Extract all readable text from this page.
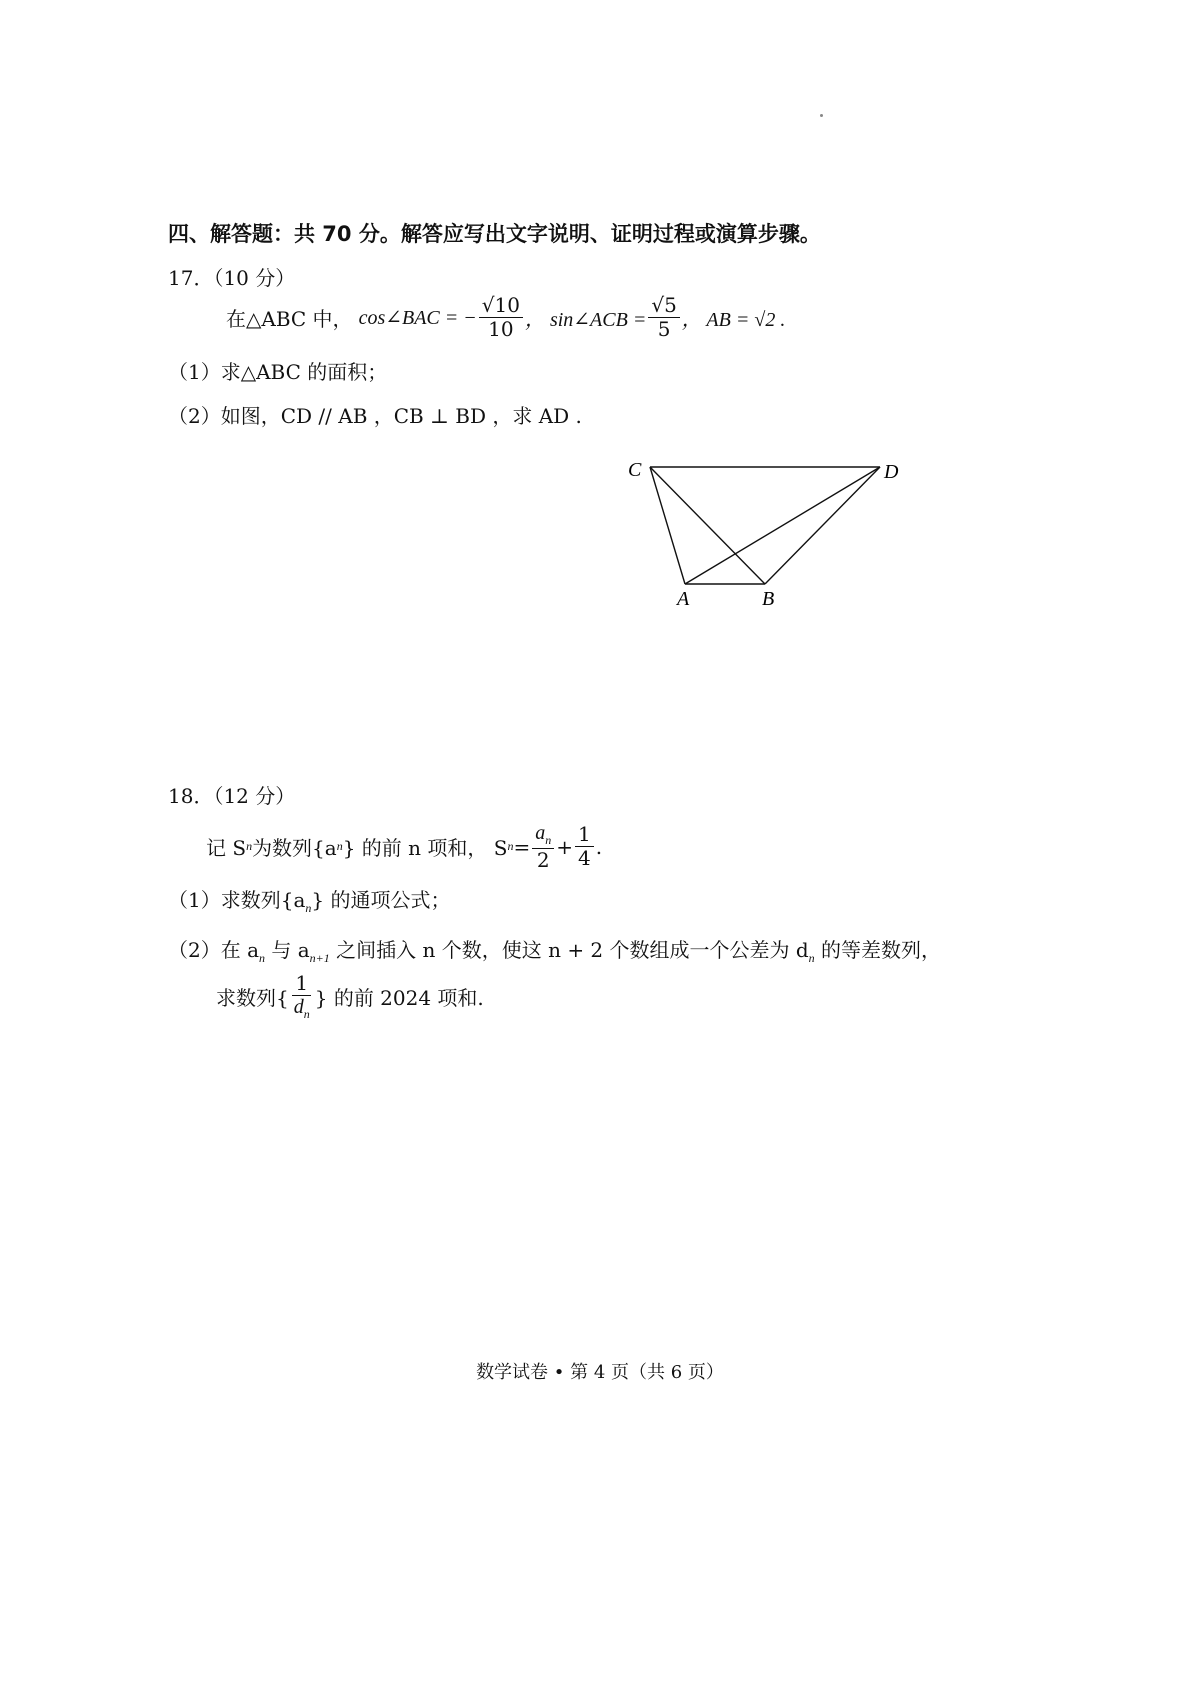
四、解答题：共 70 分。解答应写出文字说明、证明过程或演算步骤。
17．（10 分）
在△ABC 中， cos∠BAC = − $\frac{√10}{10}$ ， sin∠ACB = $\frac{√5}{5}$ ， AB = √2 .
（1）求△ABC 的面积；
（2）如图，CD // AB ，CB ⊥ BD ，求 AD .
C	D
A	B
18．（12 分）
记 S n 为数列{a n } 的前 n 项和， S $n = \frac{a_n}{2} + \frac{1}{4}$ .
（1）求数列$\{a_n\}$ 的通项公式；
（2）在 $a_n$ 与 $a_{n+1}$ 之间插入 n 个数，使这 n + 2 个数组成一个公差为 $d_n$ 的等差数列，
求数列{ $\frac{1}{d_n}$ } 的前 2024 项和.
数学试卷 • 第 4 页（共 6 页）
